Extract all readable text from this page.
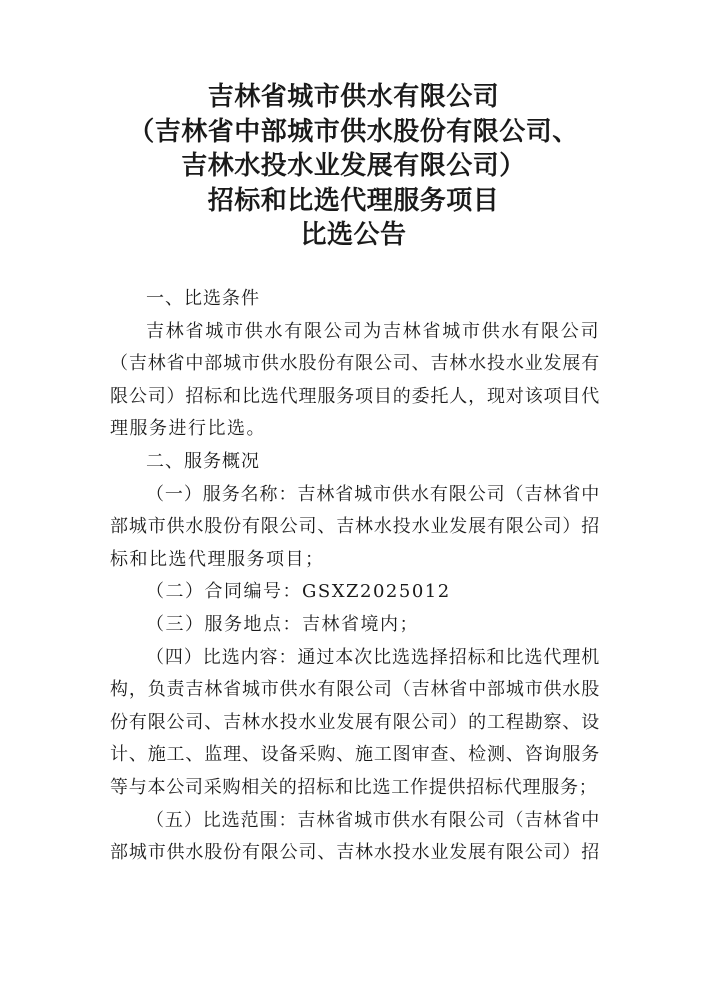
吉林省城市供水有限公司
（吉林省中部城市供水股份有限公司、
吉林水投水业发展有限公司）
招标和比选代理服务项目
比选公告
一、比选条件
吉林省城市供水有限公司为吉林省城市供水有限公司
（吉林省中部城市供水股份有限公司、吉林水投水业发展有
限公司）招标和比选代理服务项目的委托人，现对该项目代
理服务进行比选。
二、服务概况
（一）服务名称：吉林省城市供水有限公司（吉林省中
部城市供水股份有限公司、吉林水投水业发展有限公司）招
标和比选代理服务项目；
（二）合同编号：GSXZ2025012
（三）服务地点：吉林省境内；
（四）比选内容：通过本次比选选择招标和比选代理机
构，负责吉林省城市供水有限公司（吉林省中部城市供水股
份有限公司、吉林水投水业发展有限公司）的工程勘察、设
计、施工、监理、设备采购、施工图审查、检测、咨询服务
等与本公司采购相关的招标和比选工作提供招标代理服务；
（五）比选范围：吉林省城市供水有限公司（吉林省中
部城市供水股份有限公司、吉林水投水业发展有限公司）招
